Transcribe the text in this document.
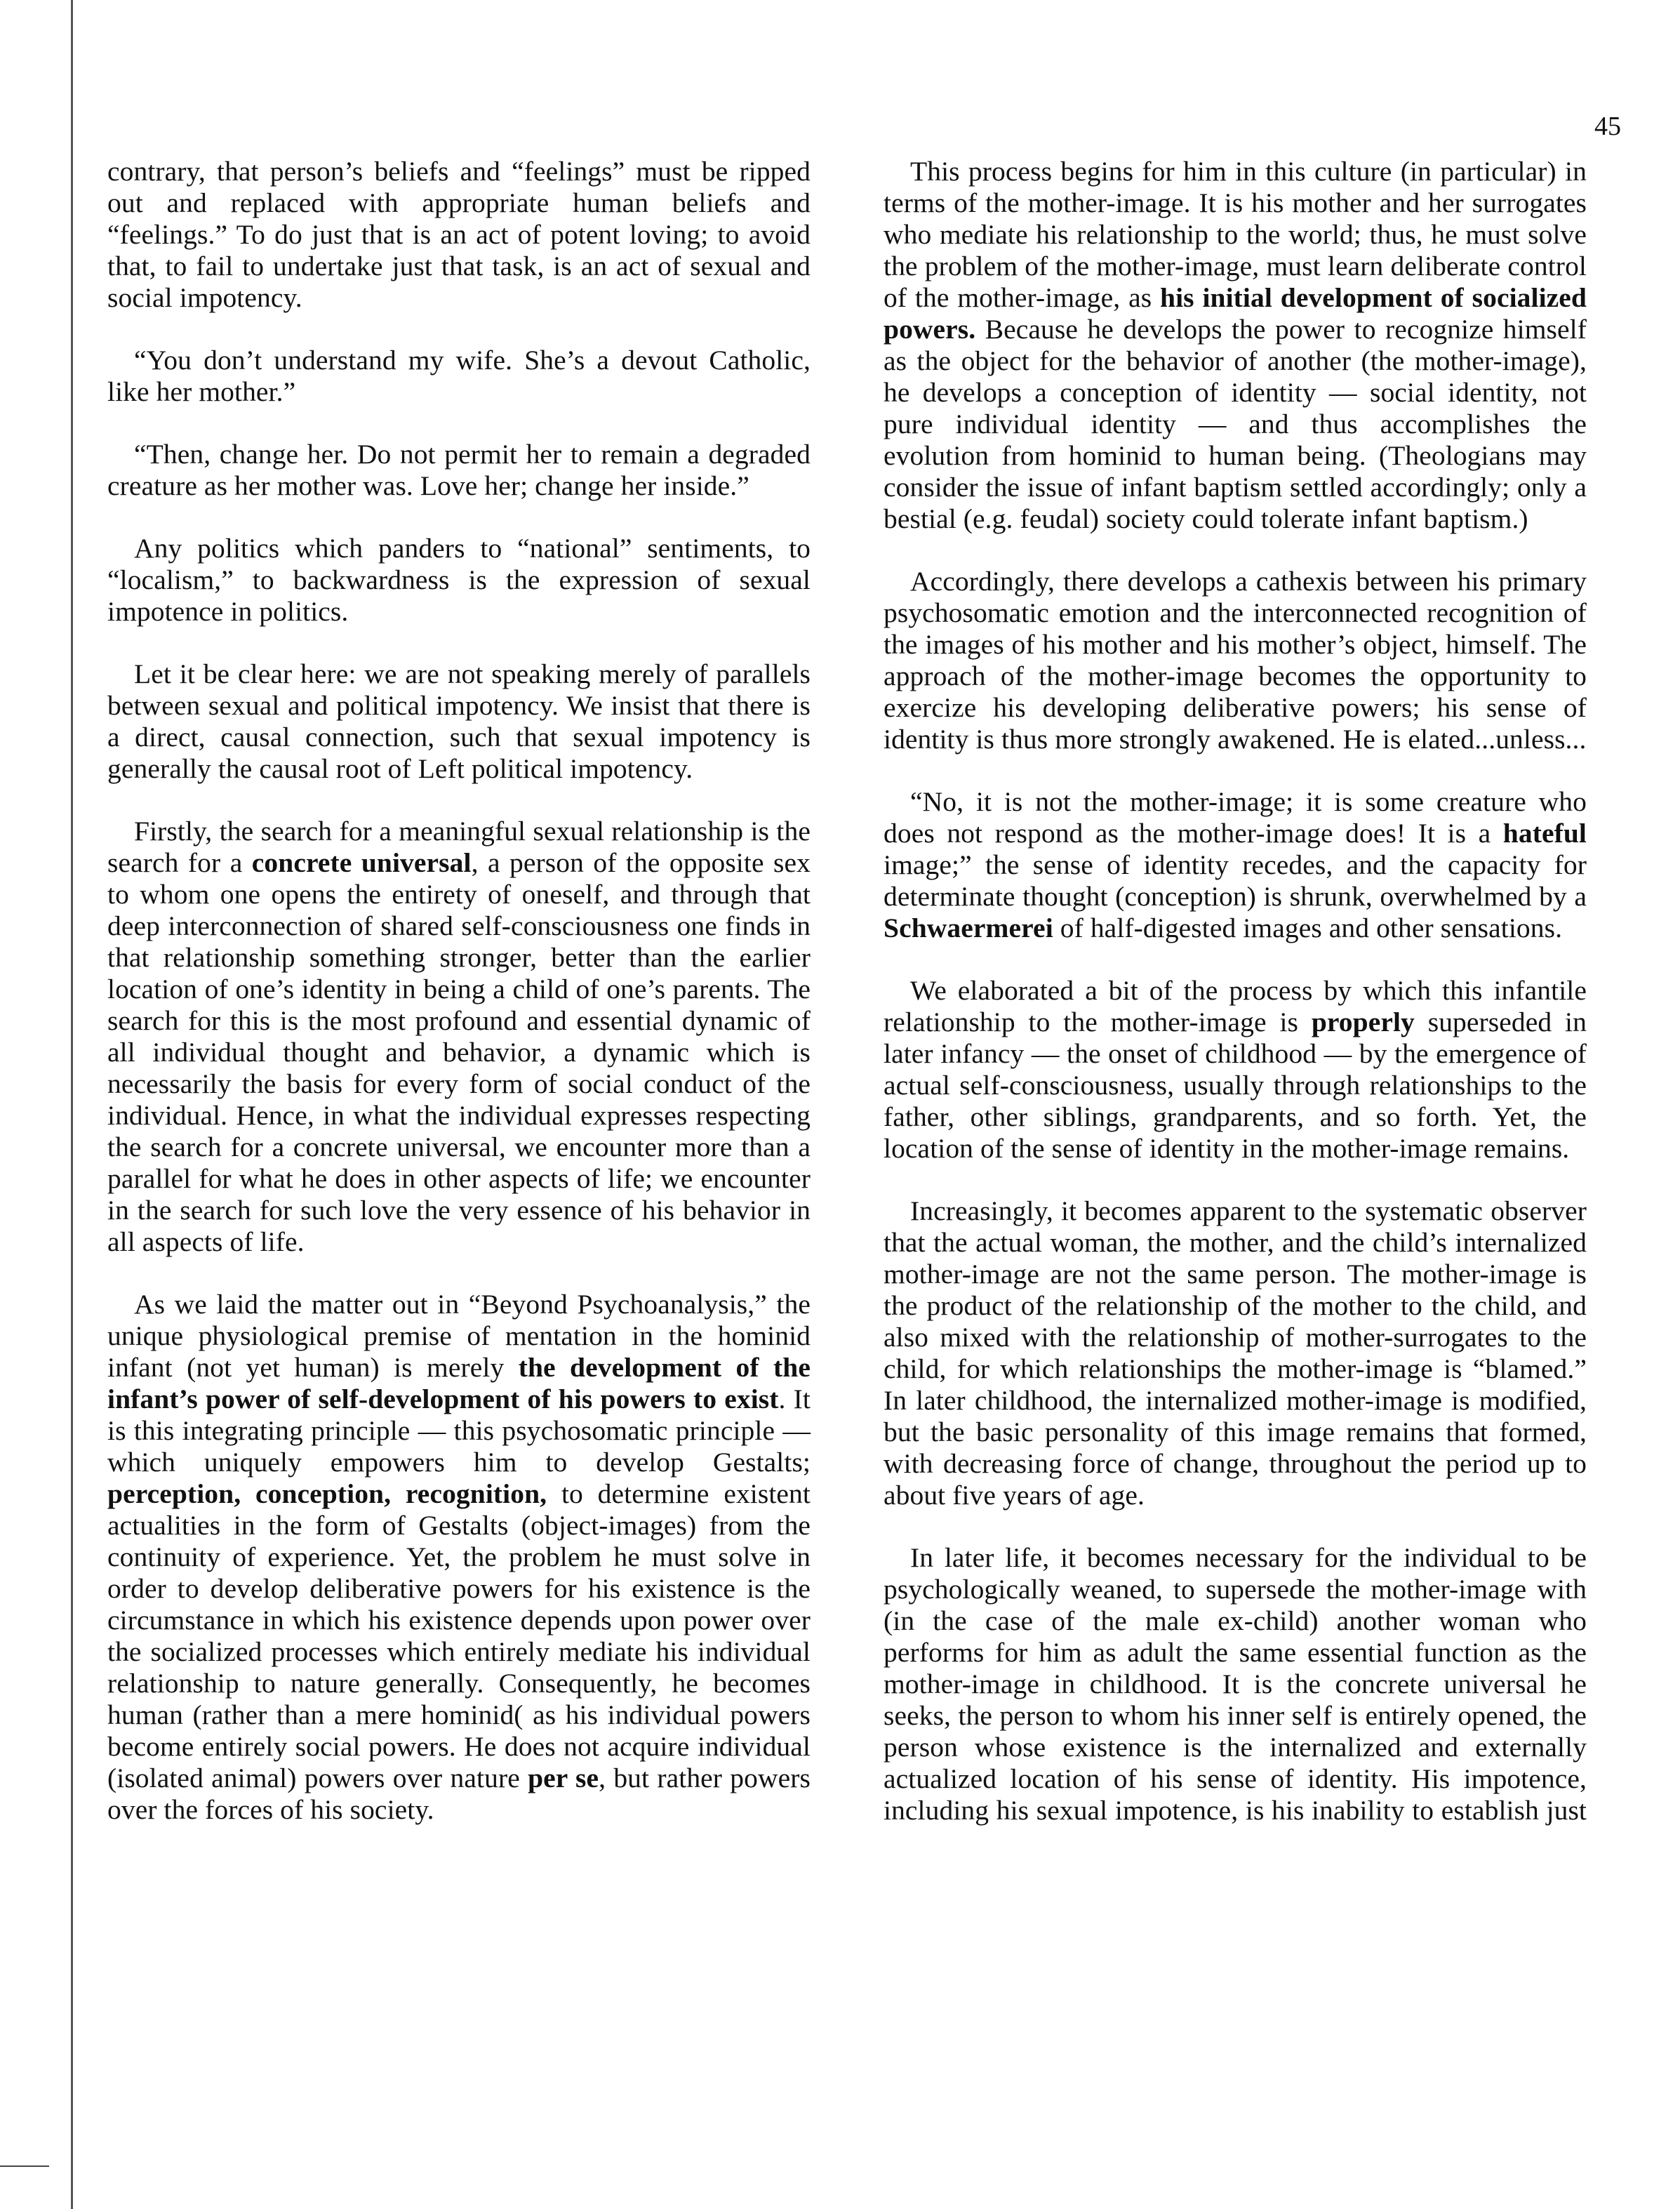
45

contrary, that person’s beliefs and “feelings” must be ripped out and replaced with appropriate human beliefs and “feelings.” To do just that is an act of potent loving; to avoid that, to fail to undertake just that task, is an act of sexual and social impotency.

“You don’t understand my wife. She’s a devout Catholic, like her mother.”

“Then, change her. Do not permit her to remain a degraded creature as her mother was. Love her; change her inside.”

Any politics which panders to “national” sentiments, to “localism,” to backwardness is the expression of sexual impotence in politics.

Let it be clear here: we are not speaking merely of parallels between sexual and political impotency. We insist that there is a direct, causal connection, such that sexual impotency is generally the causal root of Left political impotency.

Firstly, the search for a meaningful sexual relationship is the search for a concrete universal, a person of the opposite sex to whom one opens the entirety of oneself, and through that deep interconnection of shared self-consciousness one finds in that relationship something stronger, better than the earlier location of one’s identity in being a child of one’s parents. The search for this is the most profound and essential dynamic of all individual thought and behavior, a dynamic which is necessarily the basis for every form of social conduct of the individual. Hence, in what the individual expresses respecting the search for a concrete universal, we encounter more than a parallel for what he does in other aspects of life; we encounter in the search for such love the very essence of his behavior in all aspects of life.

As we laid the matter out in “Beyond Psychoanalysis,” the unique physiological premise of mentation in the hominid infant (not yet human) is merely the development of the infant’s power of self-development of his powers to exist. It is this integrating principle — this psychosomatic principle — which uniquely empowers him to develop Gestalts; perception, conception, recognition, to determine existent actualities in the form of Gestalts (object-images) from the continuity of experience. Yet, the problem he must solve in order to develop deliberative powers for his existence is the circumstance in which his existence depends upon power over the socialized processes which entirely mediate his individual relationship to nature generally. Consequently, he becomes human (rather than a mere hominid( as his individual powers become entirely social powers. He does not acquire individual (isolated animal) powers over nature per se, but rather powers over the forces of his society.

This process begins for him in this culture (in particular) in terms of the mother-image. It is his mother and her surrogates who mediate his relationship to the world; thus, he must solve the problem of the mother-image, must learn deliberate control of the mother-image, as his initial development of socialized powers. Because he develops the power to recognize himself as the object for the behavior of another (the mother-image), he develops a conception of identity — social identity, not pure individual identity — and thus accomplishes the evolution from hominid to human being. (Theologians may consider the issue of infant baptism settled accordingly; only a bestial (e.g. feudal) society could tolerate infant baptism.)

Accordingly, there develops a cathexis between his primary psychosomatic emotion and the interconnected recognition of the images of his mother and his mother’s object, himself. The approach of the mother-image becomes the opportunity to exercize his developing deliberative powers; his sense of identity is thus more strongly awakened. He is elated...unless...

“No, it is not the mother-image; it is some creature who does not respond as the mother-image does! It is a hateful image;” the sense of identity recedes, and the capacity for determinate thought (conception) is shrunk, overwhelmed by a Schwaermerei of half-digested images and other sensations.

We elaborated a bit of the process by which this infantile relationship to the mother-image is properly superseded in later infancy — the onset of childhood — by the emergence of actual self-consciousness, usually through relationships to the father, other siblings, grandparents, and so forth. Yet, the location of the sense of identity in the mother-image remains.

Increasingly, it becomes apparent to the systematic observer that the actual woman, the mother, and the child’s internalized mother-image are not the same person. The mother-image is the product of the relationship of the mother to the child, and also mixed with the relationship of mother-surrogates to the child, for which relationships the mother-image is “blamed.” In later childhood, the internalized mother-image is modified, but the basic personality of this image remains that formed, with decreasing force of change, throughout the period up to about five years of age.

In later life, it becomes necessary for the individual to be psychologically weaned, to supersede the mother-image with (in the case of the male ex-child) another woman who performs for him as adult the same essential function as the mother-image in childhood. It is the concrete universal he seeks, the person to whom his inner self is entirely opened, the person whose existence is the internalized and externally actualized location of his sense of identity. His impotence, including his sexual impotence, is his inability to establish just
